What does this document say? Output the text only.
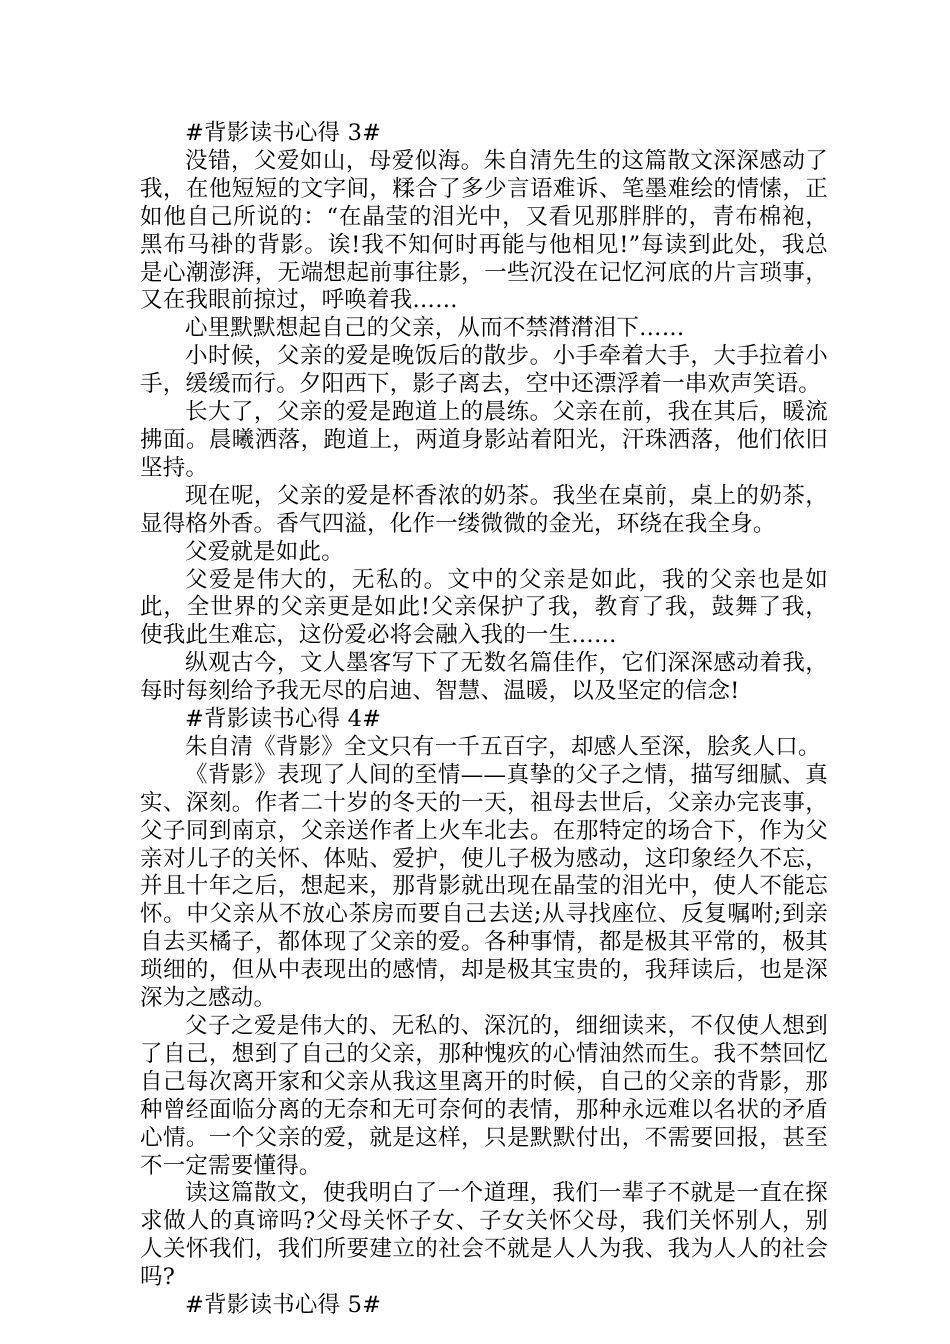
#背影读书心得 3#

没错，父爱如山，母爱似海。朱自清先生的这篇散文深深感动了我，在他短短的文字间，糅合了多少言语难诉、笔墨难绘的情愫，正如他自己所说的：“在晶莹的泪光中，又看见那胖胖的，青布棉袍，黑布马褂的背影。诶!我不知何时再能与他相见!”每读到此处，我总是心潮澎湃，无端想起前事往影，一些沉没在记忆河底的片言琐事，又在我眼前掠过，呼唤着我……

心里默默想起自己的父亲，从而不禁潸潸泪下……

小时候，父亲的爱是晚饭后的散步。小手牵着大手，大手拉着小手，缓缓而行。夕阳西下，影子离去，空中还漂浮着一串欢声笑语。

长大了，父亲的爱是跑道上的晨练。父亲在前，我在其后，暖流拂面。晨曦洒落，跑道上，两道身影站着阳光，汗珠洒落，他们依旧坚持。

现在呢，父亲的爱是杯香浓的奶茶。我坐在桌前，桌上的奶茶，显得格外香。香气四溢，化作一缕微微的金光，环绕在我全身。

父爱就是如此。

父爱是伟大的，无私的。文中的父亲是如此，我的父亲也是如此，全世界的父亲更是如此!父亲保护了我，教育了我，鼓舞了我，使我此生难忘，这份爱必将会融入我的一生……

纵观古今，文人墨客写下了无数名篇佳作，它们深深感动着我，每时每刻给予我无尽的启迪、智慧、温暖，以及坚定的信念!

#背影读书心得 4#

朱自清《背影》全文只有一千五百字，却感人至深，脍炙人口。

《背影》表现了人间的至情——真挚的父子之情，描写细腻、真实、深刻。作者二十岁的冬天的一天，祖母去世后，父亲办完丧事，父子同到南京，父亲送作者上火车北去。在那特定的场合下，作为父亲对儿子的关怀、体贴、爱护，使儿子极为感动，这印象经久不忘，并且十年之后，想起来，那背影就出现在晶莹的泪光中，使人不能忘怀。中父亲从不放心茶房而要自己去送;从寻找座位、反复嘱咐;到亲自去买橘子，都体现了父亲的爱。各种事情，都是极其平常的，极其琐细的，但从中表现出的感情，却是极其宝贵的，我拜读后，也是深深为之感动。

父子之爱是伟大的、无私的、深沉的，细细读来，不仅使人想到了自己，想到了自己的父亲，那种愧疚的心情油然而生。我不禁回忆自己每次离开家和父亲从我这里离开的时候，自己的父亲的背影，那种曾经面临分离的无奈和无可奈何的表情，那种永远难以名状的矛盾心情。一个父亲的爱，就是这样，只是默默付出，不需要回报，甚至不一定需要懂得。

读这篇散文，使我明白了一个道理，我们一辈子不就是一直在探求做人的真谛吗?父母关怀子女、子女关怀父母，我们关怀别人，别人关怀我们，我们所要建立的社会不就是人人为我、我为人人的社会吗?

#背影读书心得 5#
